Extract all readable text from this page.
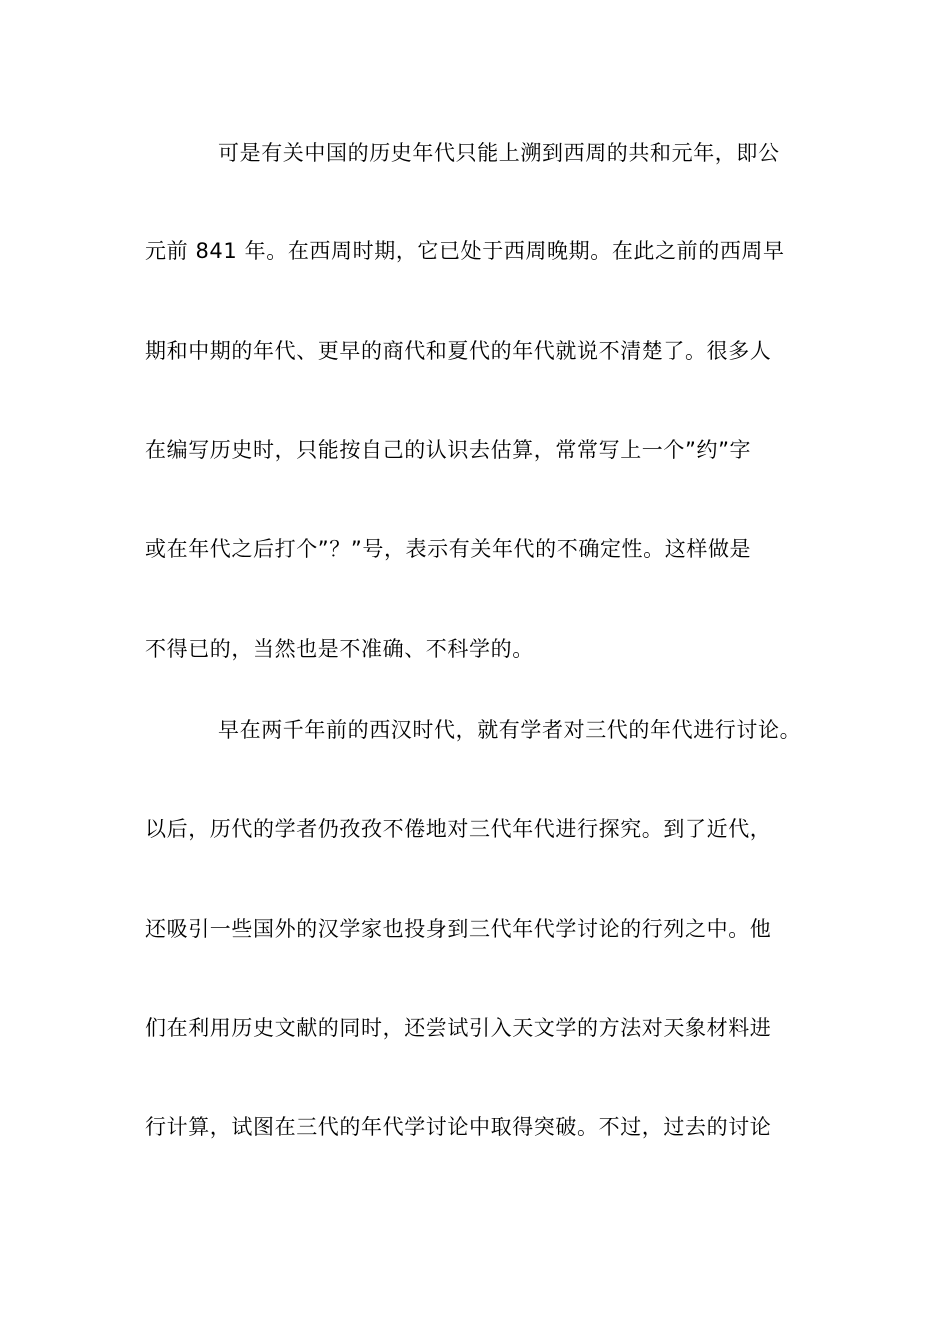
可是有关中国的历史年代只能上溯到西周的共和元年，即公
元前 841 年。在西周时期，它已处于西周晚期。在此之前的西周早
期和中期的年代、更早的商代和夏代的年代就说不清楚了。很多人
在编写历史时，只能按自己的认识去估算，常常写上一个”约”字
或在年代之后打个”？”号，表示有关年代的不确定性。这样做是
不得已的，当然也是不准确、不科学的。
早在两千年前的西汉时代，就有学者对三代的年代进行讨论。
以后，历代的学者仍孜孜不倦地对三代年代进行探究。到了近代，
还吸引一些国外的汉学家也投身到三代年代学讨论的行列之中。他
们在利用历史文献的同时，还尝试引入天文学的方法对天象材料进
行计算，试图在三代的年代学讨论中取得突破。不过，过去的讨论
